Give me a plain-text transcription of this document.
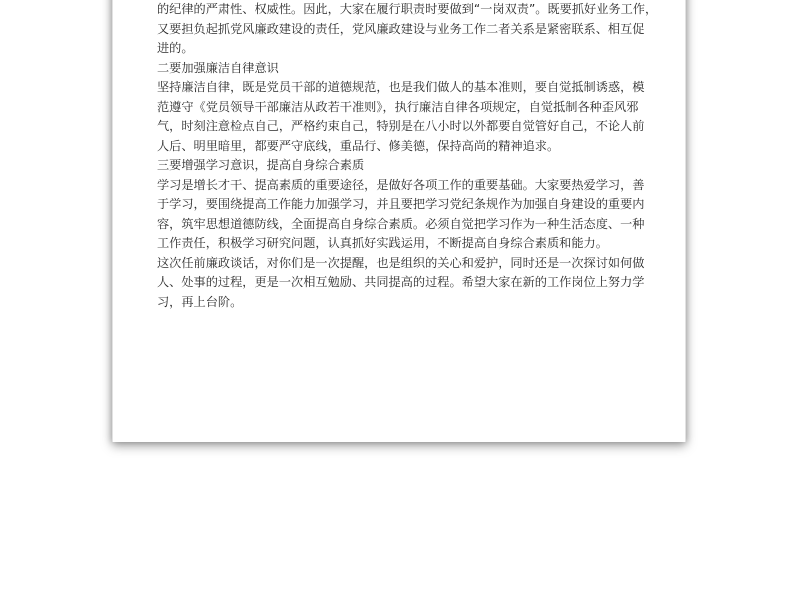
的纪律的严肃性、权威性。因此，大家在履行职责时要做到“一岗双责”。既要抓好业务工作，
又要担负起抓党风廉政建设的责任，党风廉政建设与业务工作二者关系是紧密联系、相互促
进的。
二要加强廉洁自律意识
坚持廉洁自律，既是党员干部的道德规范，也是我们做人的基本准则，要自觉抵制诱惑，模
范遵守《党员领导干部廉洁从政若干准则》，执行廉洁自律各项规定，自觉抵制各种歪风邪
气，时刻注意检点自己，严格约束自己，特别是在八小时以外都要自觉管好自己，不论人前
人后、明里暗里，都要严守底线，重品行、修美德，保持高尚的精神追求。
三要增强学习意识，提高自身综合素质
学习是增长才干、提高素质的重要途径，是做好各项工作的重要基础。大家要热爱学习，善
于学习，要围绕提高工作能力加强学习，并且要把学习党纪条规作为加强自身建设的重要内
容，筑牢思想道德防线，全面提高自身综合素质。必须自觉把学习作为一种生活态度、一种
工作责任，积极学习研究问题，认真抓好实践运用，不断提高自身综合素质和能力。
这次任前廉政谈话，对你们是一次提醒，也是组织的关心和爱护，同时还是一次探讨如何做
人、处事的过程，更是一次相互勉励、共同提高的过程。希望大家在新的工作岗位上努力学
习，再上台阶。
